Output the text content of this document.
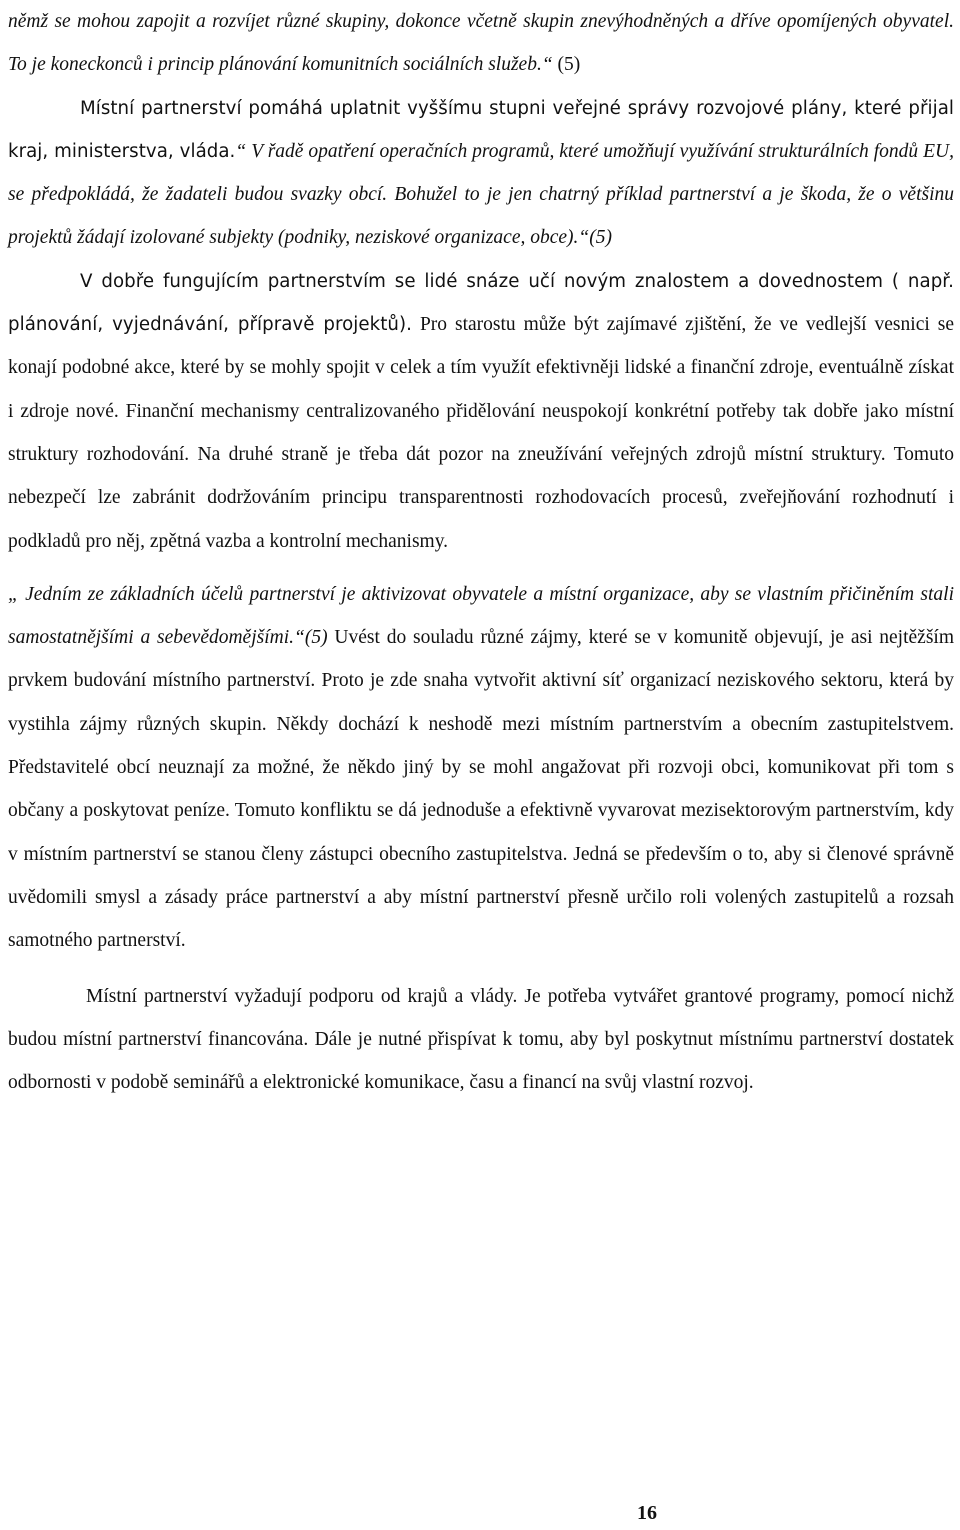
němž se mohou zapojit a rozvíjet různé skupiny, dokonce včetně skupin znevýhodněných a dříve opomíjených obyvatel. To je koneckonců i princip plánování komunitních sociálních služeb.“ (5)

Místní partnerství pomáhá uplatnit vyššímu stupni veřejné správy rozvojové plány, které přijal kraj, ministerstva, vláda.“ V řadě opatření operačních programů, které umožňují využívání strukturálních fondů EU, se předpokládá, že žadateli budou svazky obcí. Bohužel to je jen chatrný příklad partnerství a je škoda, že o většinu projektů žádají izolované subjekty (podniky, neziskové organizace, obce).“(5)

V dobře fungujícím partnerstvím se lidé snáze učí novým znalostem a dovednostem ( např. plánování, vyjednávání, přípravě projektů). Pro starostu může být zajímavé zjištění, že ve vedlejší vesnici se konají podobné akce, které by se mohly spojit v celek a tím využít efektivněji lidské a finanční zdroje, eventuálně získat i zdroje nové. Finanční mechanismy centralizovaného přidělování neuspokojí konkrétní potřeby tak dobře jako místní struktury rozhodování. Na druhé straně je třeba dát pozor na zneužívání veřejných zdrojů místní struktury. Tomuto nebezpečí lze zabránit dodržováním principu transparentnosti rozhodovacích procesů, zveřejňování rozhodnutí i podkladů pro něj, zpětná vazba a kontrolní mechanismy.

„ Jedním ze základních účelů partnerství je aktivizovat obyvatele a místní organizace, aby se vlastním přičiněním stali samostatnějšími a sebevědomějšími.“(5) Uvést do souladu různé zájmy, které se v komunitě objevují, je asi nejtěžším prvkem budování místního partnerství. Proto je zde snaha vytvořit aktivní síť organizací neziskového sektoru, která by vystihla zájmy různých skupin. Někdy dochází k neshodě mezi místním partnerstvím a obecním zastupitelstvem. Představitelé obcí neuznají za možné, že někdo jiný by se mohl angažovat při rozvoji obci, komunikovat při tom s občany a poskytovat peníze. Tomuto konfliktu se dá jednoduše a efektivně vyvarovat mezisektorovým partnerstvím, kdy v místním partnerství se stanou členy zástupci obecního zastupitelstva. Jedná se především o to, aby si členové správně uvědomili smysl a zásady práce partnerství a aby místní partnerství přesně určilo roli volených zastupitelů a rozsah samotného partnerství.

Místní partnerství vyžadují podporu od krajů a vlády. Je potřeba vytvářet grantové programy, pomocí nichž budou místní partnerství financována. Dále je nutné přispívat k tomu, aby byl poskytnut místnímu partnerství dostatek odbornosti v podobě seminářů a elektronické komunikace, času a financí na svůj vlastní rozvoj.

16
